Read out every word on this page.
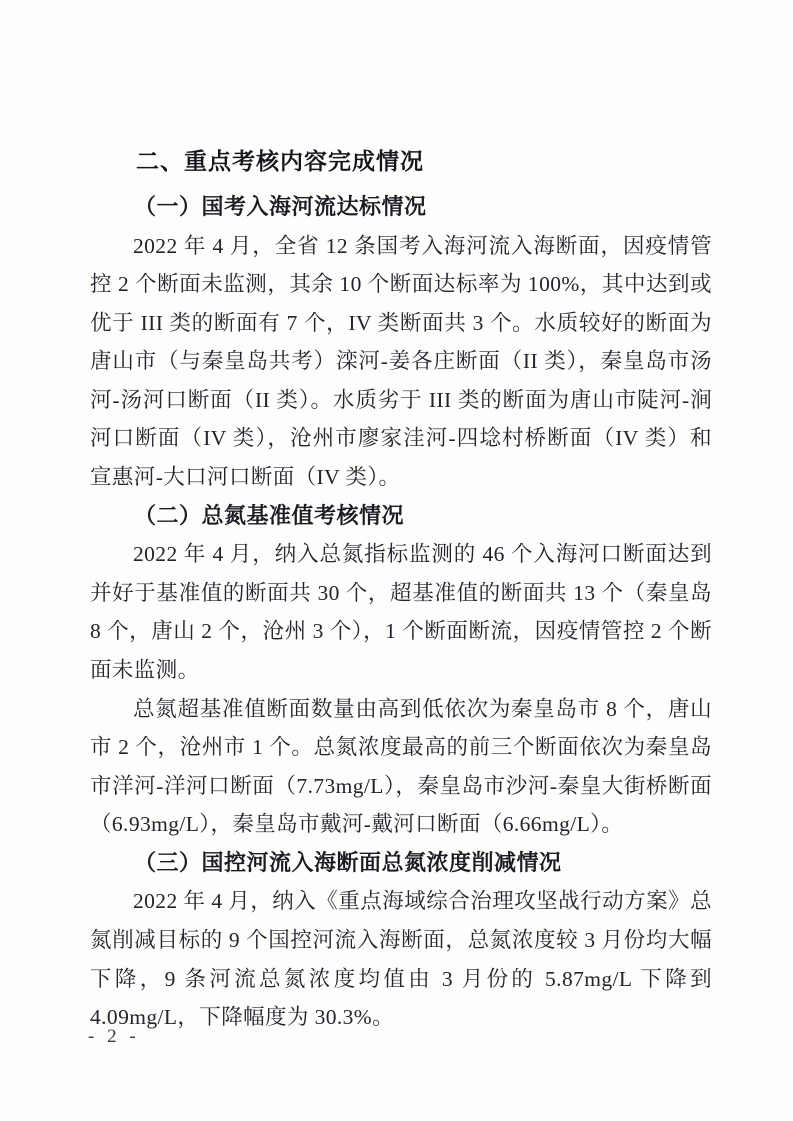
二、重点考核内容完成情况
（一）国考入海河流达标情况

2022 年 4 月，全省 12 条国考入海河流入海断面，因疫情管控 2 个断面未监测，其余 10 个断面达标率为 100%，其中达到或优于 III 类的断面有 7 个，IV 类断面共 3 个。水质较好的断面为唐山市（与秦皇岛共考）滦河-姜各庄断面（II 类），秦皇岛市汤河-汤河口断面（II 类）。水质劣于 III 类的断面为唐山市陡河-涧河口断面（IV 类），沧州市廖家洼河-四埝村桥断面（IV 类）和宣惠河-大口河口断面（IV 类）。

（二）总氮基准值考核情况

2022 年 4 月，纳入总氮指标监测的 46 个入海河口断面达到并好于基准值的断面共 30 个，超基准值的断面共 13 个（秦皇岛 8 个，唐山 2 个，沧州 3 个），1 个断面断流，因疫情管控 2 个断面未监测。

总氮超基准值断面数量由高到低依次为秦皇岛市 8 个，唐山市 2 个，沧州市 1 个。总氮浓度最高的前三个断面依次为秦皇岛市洋河-洋河口断面（7.73mg/L），秦皇岛市沙河-秦皇大街桥断面（6.93mg/L），秦皇岛市戴河-戴河口断面（6.66mg/L）。

（三）国控河流入海断面总氮浓度削减情况

2022 年 4 月，纳入《重点海域综合治理攻坚战行动方案》总氮削减目标的 9 个国控河流入海断面，总氮浓度较 3 月份均大幅下降，9 条河流总氮浓度均值由 3 月份的 5.87mg/L 下降到 4.09mg/L，下降幅度为 30.3%。

- 2 -
